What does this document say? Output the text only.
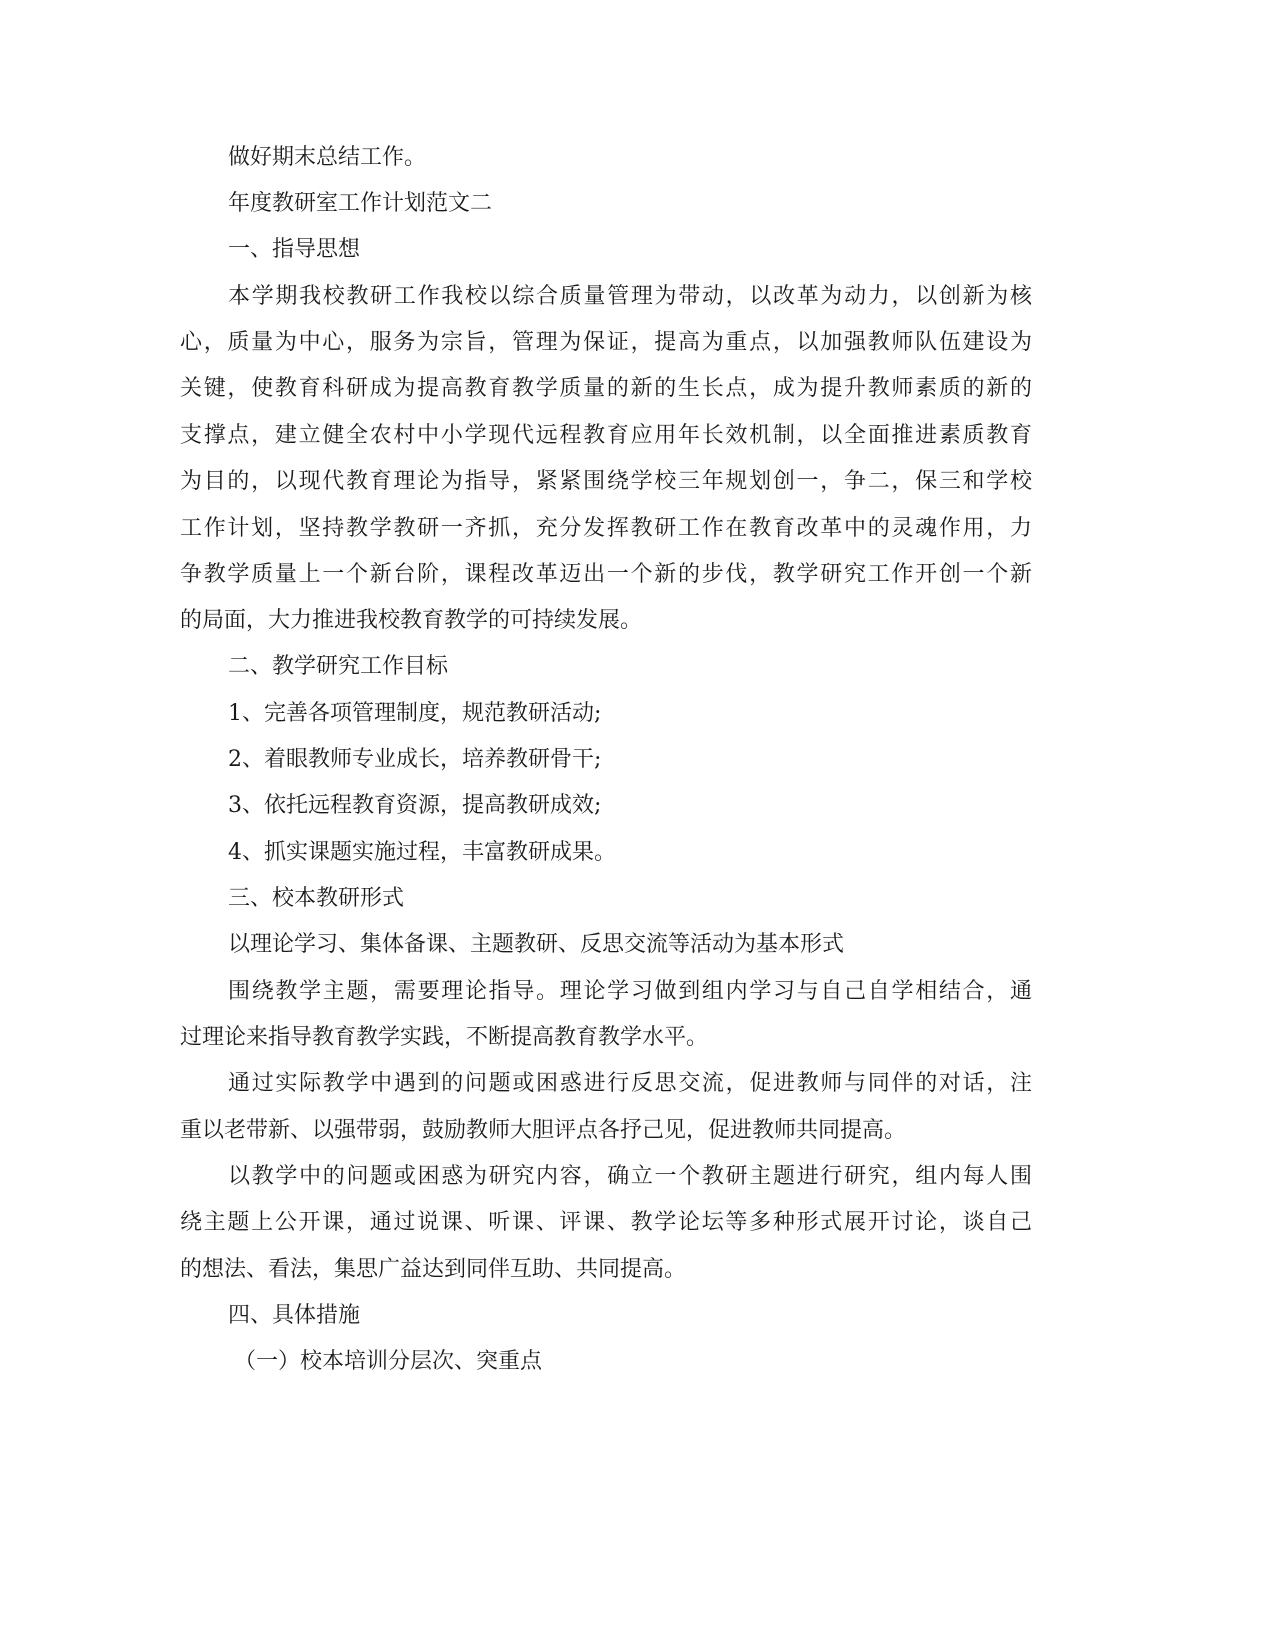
做好期末总结工作。
年度教研室工作计划范文二
一、指导思想
本学期我校教研工作我校以综合质量管理为带动，以改革为动力，以创新为核
心，质量为中心，服务为宗旨，管理为保证，提高为重点，以加强教师队伍建设为
关键，使教育科研成为提高教育教学质量的新的生长点，成为提升教师素质的新的
支撑点，建立健全农村中小学现代远程教育应用年长效机制，以全面推进素质教育
为目的，以现代教育理论为指导，紧紧围绕学校三年规划创一，争二，保三和学校
工作计划，坚持教学教研一齐抓，充分发挥教研工作在教育改革中的灵魂作用，力
争教学质量上一个新台阶，课程改革迈出一个新的步伐，教学研究工作开创一个新
的局面，大力推进我校教育教学的可持续发展。
二、教学研究工作目标
1、完善各项管理制度，规范教研活动;
2、着眼教师专业成长，培养教研骨干;
3、依托远程教育资源，提高教研成效;
4、抓实课题实施过程，丰富教研成果。
三、校本教研形式
以理论学习、集体备课、主题教研、反思交流等活动为基本形式
围绕教学主题，需要理论指导。理论学习做到组内学习与自己自学相结合，通
过理论来指导教育教学实践，不断提高教育教学水平。
通过实际教学中遇到的问题或困惑进行反思交流，促进教师与同伴的对话，注
重以老带新、以强带弱，鼓励教师大胆评点各抒己见，促进教师共同提高。
以教学中的问题或困惑为研究内容，确立一个教研主题进行研究，组内每人围
绕主题上公开课，通过说课、听课、评课、教学论坛等多种形式展开讨论，谈自己
的想法、看法，集思广益达到同伴互助、共同提高。
四、具体措施
（一）校本培训分层次、突重点
